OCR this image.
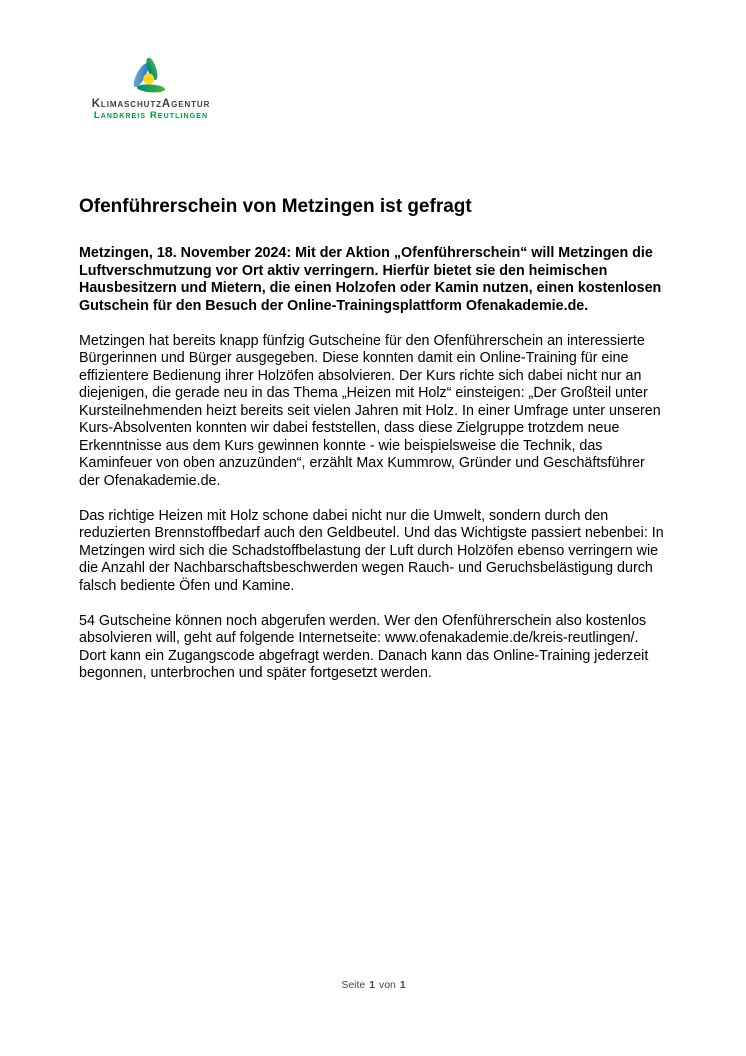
KlimaschutzAgentur
Landkreis Reutlingen
Ofenführerschein von Metzingen ist gefragt

Metzingen, 18. November 2024: Mit der Aktion „Ofenführerschein“ will Metzingen die Luftverschmutzung vor Ort aktiv verringern. Hierfür bietet sie den heimischen Hausbesitzern und Mietern, die einen Holzofen oder Kamin nutzen, einen kostenlosen Gutschein für den Besuch der Online-Trainingsplattform Ofenakademie.de.

Metzingen hat bereits knapp fünfzig Gutscheine für den Ofenführerschein an interessierte Bürgerinnen und Bürger ausgegeben. Diese konnten damit ein Online-Training für eine effizientere Bedienung ihrer Holzöfen absolvieren. Der Kurs richte sich dabei nicht nur an diejenigen, die gerade neu in das Thema „Heizen mit Holz“ einsteigen: „Der Großteil unter Kursteilnehmenden heizt bereits seit vielen Jahren mit Holz. In einer Umfrage unter unseren Kurs-Absolventen konnten wir dabei feststellen, dass diese Zielgruppe trotzdem neue Erkenntnisse aus dem Kurs gewinnen konnte - wie beispielsweise die Technik, das Kaminfeuer von oben anzuzünden“, erzählt Max Kummrow, Gründer und Geschäftsführer der Ofenakademie.de.

Das richtige Heizen mit Holz schone dabei nicht nur die Umwelt, sondern durch den reduzierten Brennstoffbedarf auch den Geldbeutel. Und das Wichtigste passiert nebenbei: In Metzingen wird sich die Schadstoffbelastung der Luft durch Holzöfen ebenso verringern wie die Anzahl der Nachbarschaftsbeschwerden wegen Rauch- und Geruchsbelästigung durch falsch bediente Öfen und Kamine.

54 Gutscheine können noch abgerufen werden. Wer den Ofenführerschein also kostenlos absolvieren will, geht auf folgende Internetseite: www.ofenakademie.de/kreis-reutlingen/. Dort kann ein Zugangscode abgefragt werden. Danach kann das Online-Training jederzeit begonnen, unterbrochen und später fortgesetzt werden.

Seite 1 von 1
